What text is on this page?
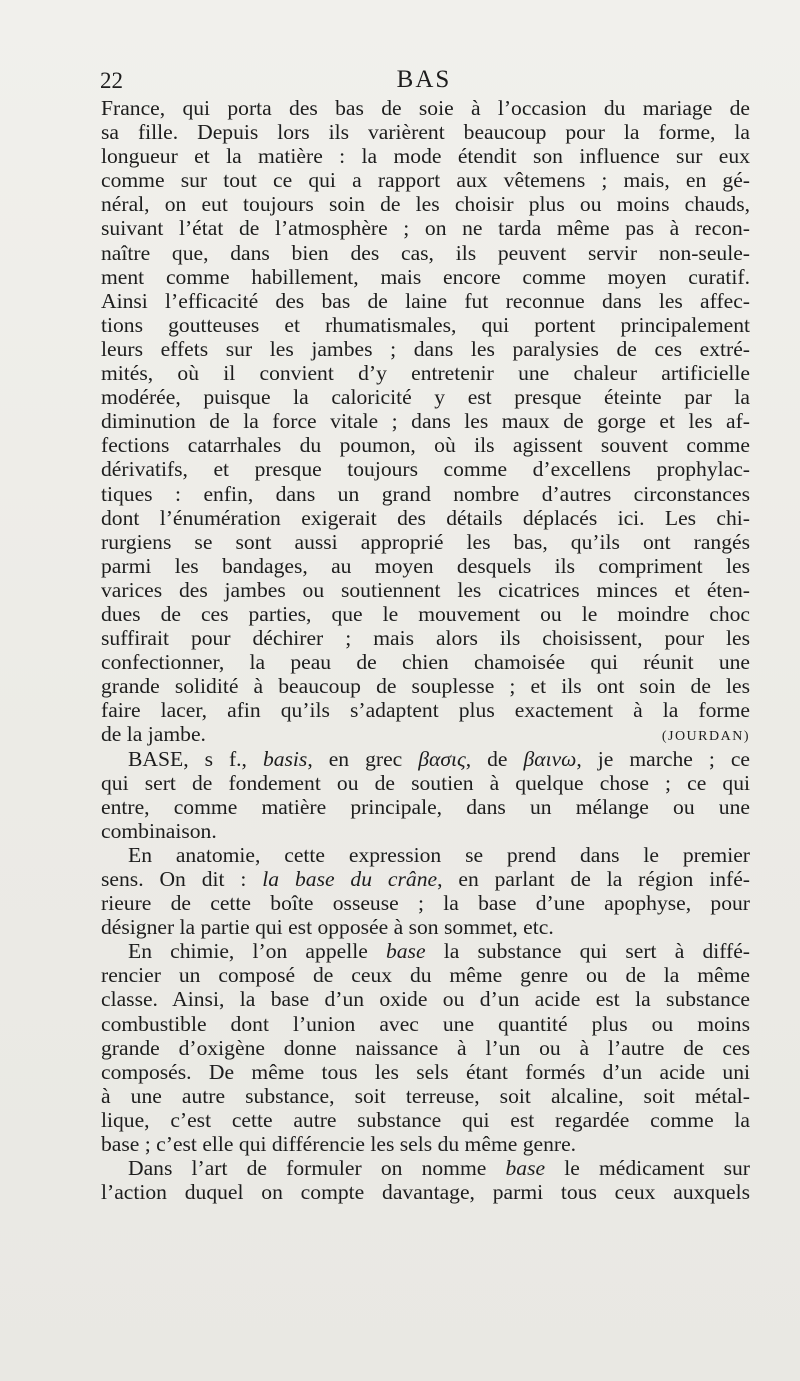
22	BAS
France, qui porta des bas de soie à l’occasion du mariage de
sa fille. Depuis lors ils varièrent beaucoup pour la forme, la
longueur et la matière : la mode étendit son influence sur eux
comme sur tout ce qui a rapport aux vêtemens ; mais, en gé-
néral, on eut toujours soin de les choisir plus ou moins chauds,
suivant l’état de l’atmosphère ; on ne tarda même pas à recon-
naître que, dans bien des cas, ils peuvent servir non-seule-
ment comme habillement, mais encore comme moyen curatif.
Ainsi l’efficacité des bas de laine fut reconnue dans les affec-
tions goutteuses et rhumatismales, qui portent principalement
leurs effets sur les jambes ; dans les paralysies de ces extré-
mités, où il convient d’y entretenir une chaleur artificielle
modérée, puisque la caloricité y est presque éteinte par la
diminution de la force vitale ; dans les maux de gorge et les af-
fections catarrhales du poumon, où ils agissent souvent comme
dérivatifs, et presque toujours comme d’excellens prophylac-
tiques : enfin, dans un grand nombre d’autres circonstances
dont l’énumération exigerait des détails déplacés ici. Les chi-
rurgiens se sont aussi approprié les bas, qu’ils ont rangés
parmi les bandages, au moyen desquels ils compriment les
varices des jambes ou soutiennent les cicatrices minces et éten-
dues de ces parties, que le mouvement ou le moindre choc
suffirait pour déchirer ; mais alors ils choisissent, pour les
confectionner, la peau de chien chamoisée qui réunit une
grande solidité à beaucoup de souplesse ; et ils ont soin de les
faire lacer, afin qu’ils s’adaptent plus exactement à la forme
de la jambe.	(JOURDAN)
BASE, s f., basis, en grec βασις, de βαινω, je marche ; ce
qui sert de fondement ou de soutien à quelque chose ; ce qui
entre, comme matière principale, dans un mélange ou une
combinaison.
En anatomie, cette expression se prend dans le premier
sens. On dit : la base du crâne, en parlant de la région infé-
rieure de cette boîte osseuse ; la base d’une apophyse, pour
désigner la partie qui est opposée à son sommet, etc.
En chimie, l’on appelle base la substance qui sert à diffé-
rencier un composé de ceux du même genre ou de la même
classe. Ainsi, la base d’un oxide ou d’un acide est la substance
combustible dont l’union avec une quantité plus ou moins
grande d’oxigène donne naissance à l’un ou à l’autre de ces
composés. De même tous les sels étant formés d’un acide uni
à une autre substance, soit terreuse, soit alcaline, soit métal-
lique, c’est cette autre substance qui est regardée comme la
base ; c’est elle qui différencie les sels du même genre.
Dans l’art de formuler on nomme base le médicament sur
l’action duquel on compte davantage, parmi tous ceux auxquels
